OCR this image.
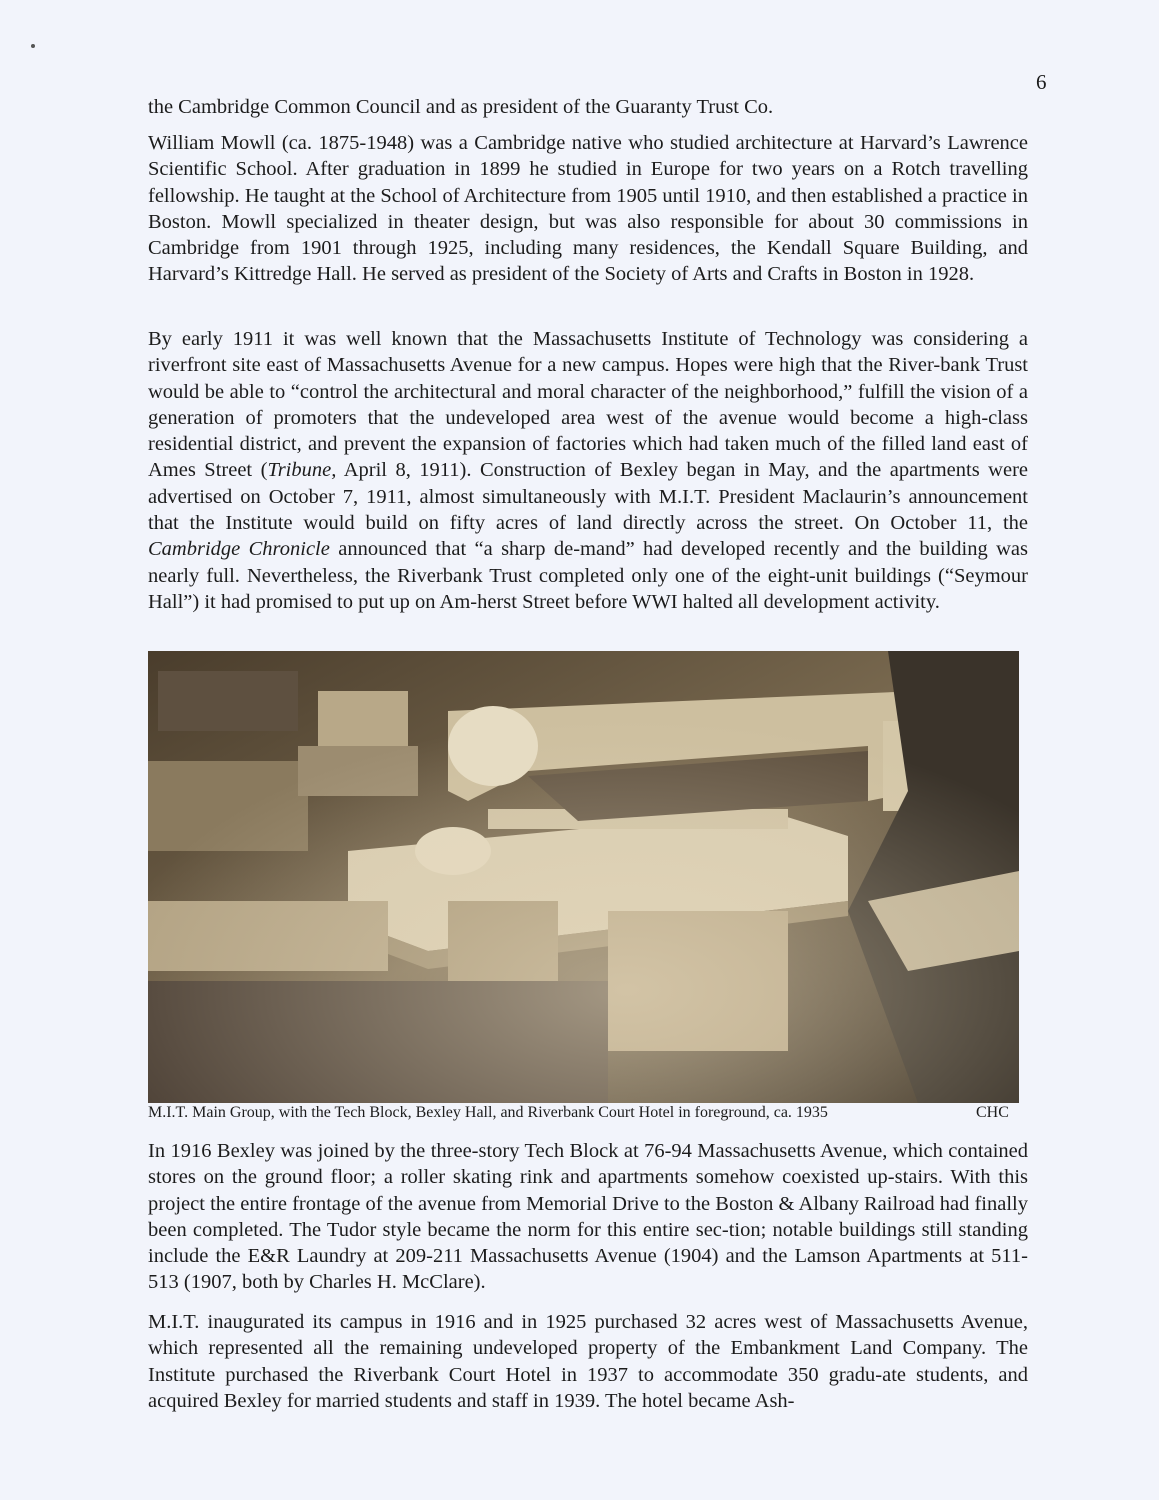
6

the Cambridge Common Council and as president of the Guaranty Trust Co.

William Mowll (ca. 1875-1948) was a Cambridge native who studied architecture at Harvard’s Lawrence Scientific School. After graduation in 1899 he studied in Europe for two years on a Rotch travelling fellowship. He taught at the School of Architecture from 1905 until 1910, and then established a practice in Boston. Mowll specialized in theater design, but was also responsible for about 30 commissions in Cambridge from 1901 through 1925, including many residences, the Kendall Square Building, and Harvard’s Kittredge Hall. He served as president of the Society of Arts and Crafts in Boston in 1928.

By early 1911 it was well known that the Massachusetts Institute of Technology was considering a riverfront site east of Massachusetts Avenue for a new campus. Hopes were high that the River-bank Trust would be able to “control the architectural and moral character of the neighborhood,” fulfill the vision of a generation of promoters that the undeveloped area west of the avenue would become a high-class residential district, and prevent the expansion of factories which had taken much of the filled land east of Ames Street (Tribune, April 8, 1911). Construction of Bexley began in May, and the apartments were advertised on October 7, 1911, almost simultaneously with M.I.T. President Maclaurin’s announcement that the Institute would build on fifty acres of land directly across the street. On October 11, the Cambridge Chronicle announced that “a sharp de-mand” had developed recently and the building was nearly full. Nevertheless, the Riverbank Trust completed only one of the eight-unit buildings (“Seymour Hall”) it had promised to put up on Am-herst Street before WWI halted all development activity.

M.I.T. Main Group, with the Tech Block, Bexley Hall, and Riverbank Court Hotel in foreground, ca. 1935	CHC

In 1916 Bexley was joined by the three-story Tech Block at 76-94 Massachusetts Avenue, which contained stores on the ground floor; a roller skating rink and apartments somehow coexisted up-stairs. With this project the entire frontage of the avenue from Memorial Drive to the Boston & Albany Railroad had finally been completed. The Tudor style became the norm for this entire sec-tion; notable buildings still standing include the E&R Laundry at 209-211 Massachusetts Avenue (1904) and the Lamson Apartments at 511-513 (1907, both by Charles H. McClare).

M.I.T. inaugurated its campus in 1916 and in 1925 purchased 32 acres west of Massachusetts Avenue, which represented all the remaining undeveloped property of the Embankment Land Company. The Institute purchased the Riverbank Court Hotel in 1937 to accommodate 350 gradu-ate students, and acquired Bexley for married students and staff in 1939. The hotel became Ash-
